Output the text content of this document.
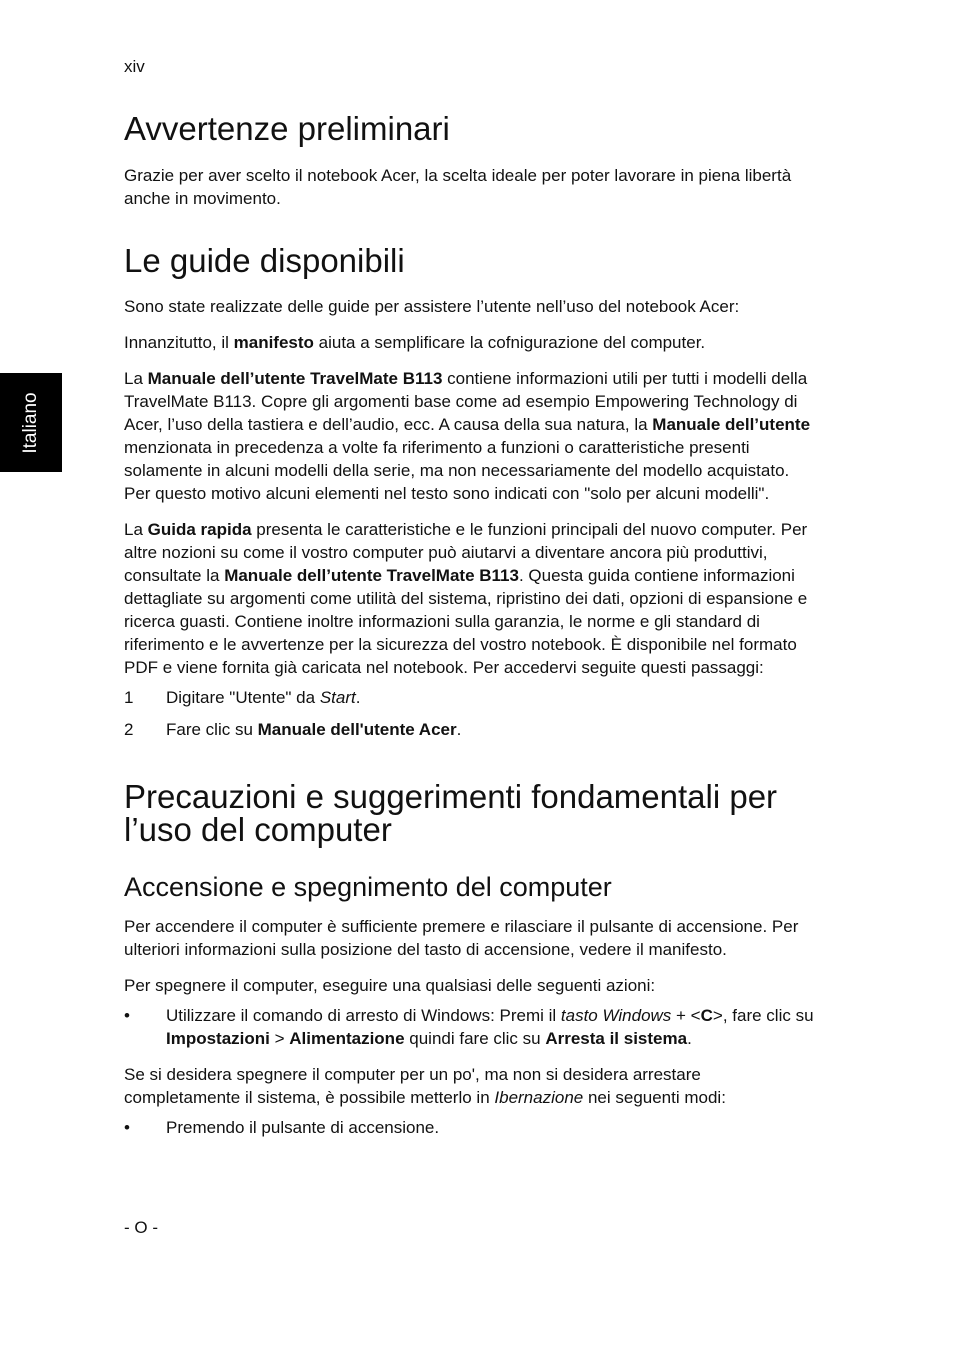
xiv
Italiano
Avvertenze preliminari

Grazie per aver scelto il notebook Acer, la scelta ideale per poter lavorare in piena libertà anche in movimento.

Le guide disponibili

Sono state realizzate delle guide per assistere l’utente nell’uso del notebook Acer:

Innanzitutto, il manifesto aiuta a semplificare la cofnigurazione del computer.

La Manuale dell’utente TravelMate B113 contiene informazioni utili per tutti i modelli della TravelMate B113. Copre gli argomenti base come ad esempio Empowering Technology di Acer, l’uso della tastiera e dell’audio, ecc. A causa della sua natura, la Manuale dell’utente menzionata in precedenza a volte fa riferimento a funzioni o caratteristiche presenti solamente in alcuni modelli della serie, ma non necessariamente del modello acquistato. Per questo motivo alcuni elementi nel testo sono indicati con "solo per alcuni modelli".

La Guida rapida presenta le caratteristiche e le funzioni principali del nuovo computer. Per altre nozioni su come il vostro computer può aiutarvi a diventare ancora più produttivi, consultate la Manuale dell’utente TravelMate B113. Questa guida contiene informazioni dettagliate su argomenti come utilità del sistema, ripristino dei dati, opzioni di espansione e ricerca guasti. Contiene inoltre informazioni sulla garanzia, le norme e gli standard di riferimento e le avvertenze per la sicurezza del vostro notebook. È disponibile nel formato PDF e viene fornita già caricata nel notebook. Per accedervi seguite questi passaggi:

1	Digitare "Utente" da Start.
2	Fare clic su Manuale dell'utente Acer.
Precauzioni e suggerimenti fondamentali per
l’uso del computer
Accensione e spegnimento del computer

Per accendere il computer è sufficiente premere e rilasciare il pulsante di accensione. Per ulteriori informazioni sulla posizione del tasto di accensione, vedere il manifesto.

Per spegnere il computer, eseguire una qualsiasi delle seguenti azioni:

•	Utilizzare il comando di arresto di Windows: Premi il tasto Windows + <C>, fare clic su Impostazioni > Alimentazione quindi fare clic su Arresta il sistema.

Se si desidera spegnere il computer per un po', ma non si desidera arrestare completamente il sistema, è possibile metterlo in Ibernazione nei seguenti modi:

•	Premendo il pulsante di accensione.
- O -
